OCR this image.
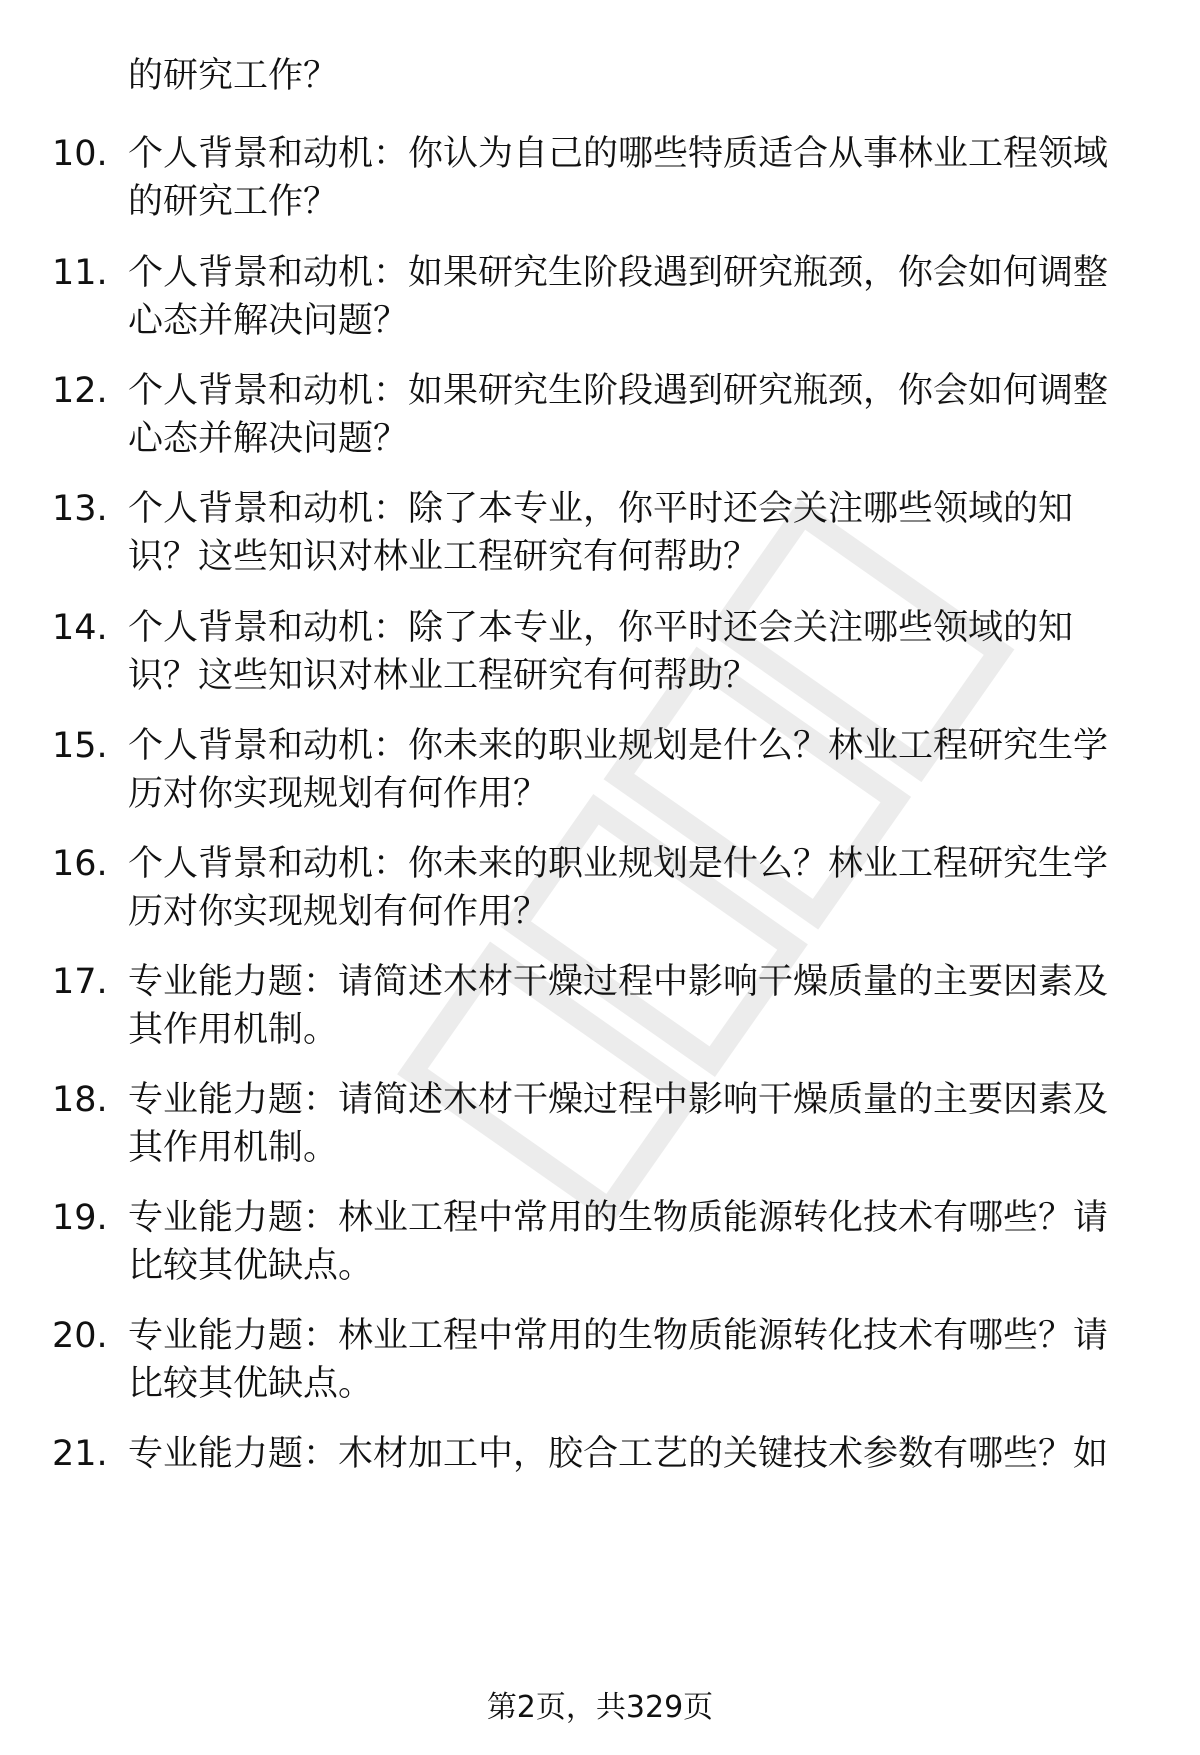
的研究工作？
10. 个人背景和动机：你认为自己的哪些特质适合从事林业工程领域
的研究工作？
11. 个人背景和动机：如果研究生阶段遇到研究瓶颈，你会如何调整
心态并解决问题？
12. 个人背景和动机：如果研究生阶段遇到研究瓶颈，你会如何调整
心态并解决问题？
13. 个人背景和动机：除了本专业，你平时还会关注哪些领域的知
识？这些知识对林业工程研究有何帮助？
14. 个人背景和动机：除了本专业，你平时还会关注哪些领域的知
识？这些知识对林业工程研究有何帮助？
15. 个人背景和动机：你未来的职业规划是什么？林业工程研究生学
历对你实现规划有何作用？
16. 个人背景和动机：你未来的职业规划是什么？林业工程研究生学
历对你实现规划有何作用？
17. 专业能力题：请简述木材干燥过程中影响干燥质量的主要因素及
其作用机制。
18. 专业能力题：请简述木材干燥过程中影响干燥质量的主要因素及
其作用机制。
19. 专业能力题：林业工程中常用的生物质能源转化技术有哪些？请
比较其优缺点。
20. 专业能力题：林业工程中常用的生物质能源转化技术有哪些？请
比较其优缺点。
21. 专业能力题：木材加工中，胶合工艺的关键技术参数有哪些？如
第2页，共329页
